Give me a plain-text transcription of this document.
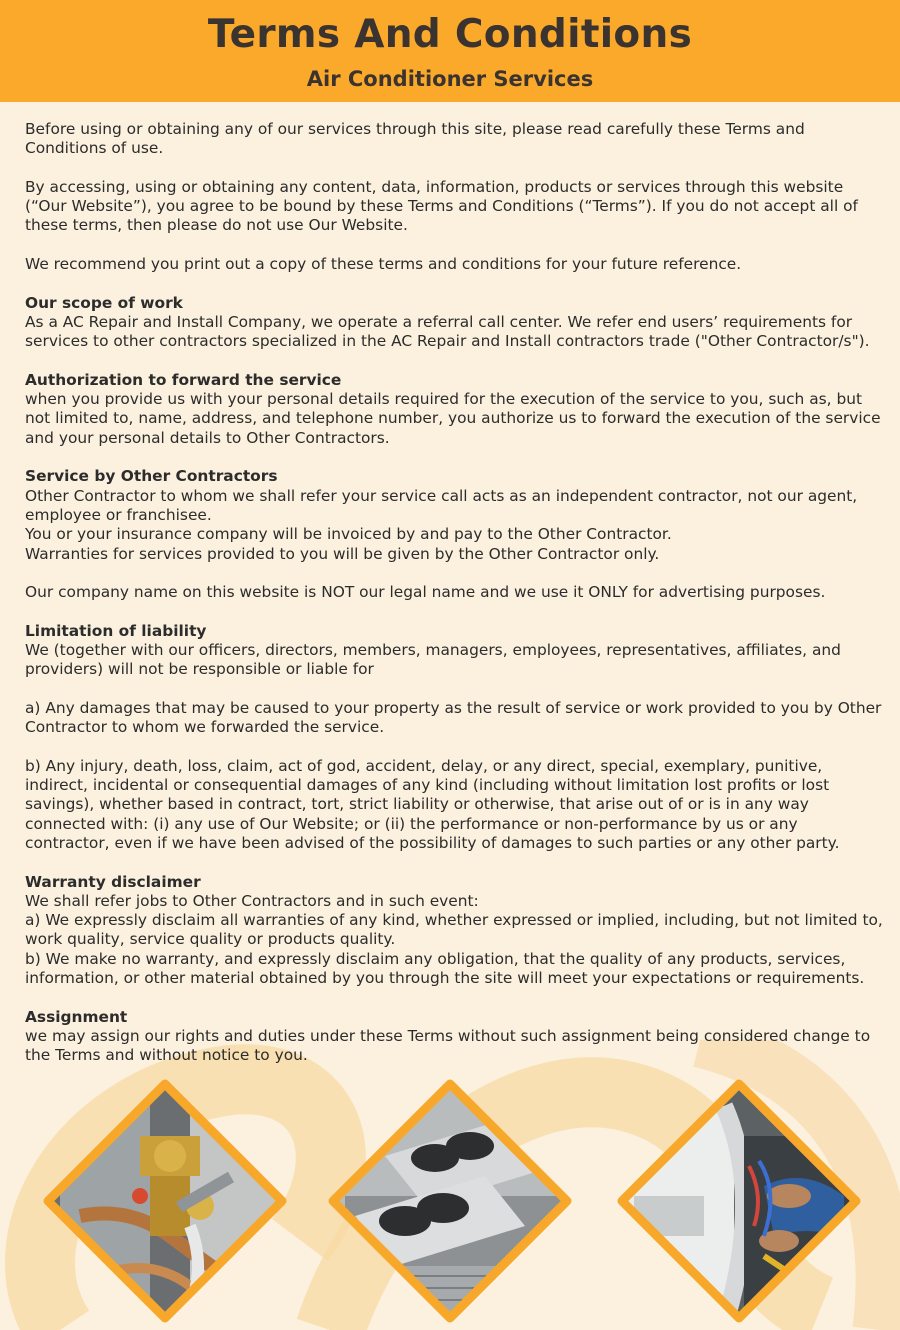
Terms And Conditions
Air Conditioner Services

Before using or obtaining any of our services through this site, please read carefully these Terms and Conditions of use.

By accessing, using or obtaining any content, data, information, products or services through this website (“Our Website”), you agree to be bound by these Terms and Conditions (“Terms”). If you do not accept all of these terms, then please do not use Our Website.

We recommend you print out a copy of these terms and conditions for your future reference.

Our scope of work
As a AC Repair and Install Company, we operate a referral call center. We refer end users’ requirements for services to other contractors specialized in the AC Repair and Install contractors trade ("Other Contractor/s").

Authorization to forward the service
when you provide us with your personal details required for the execution of the service to you, such as, but not limited to, name, address, and telephone number, you authorize us to forward the execution of the service and your personal details to Other Contractors.

Service by Other Contractors
Other Contractor to whom we shall refer your service call acts as an independent contractor, not our agent, employee or franchisee.
You or your insurance company will be invoiced by and pay to the Other Contractor.
Warranties for services provided to you will be given by the Other Contractor only.

Our company name on this website is NOT our legal name and we use it ONLY for advertising purposes.

Limitation of liability
We (together with our officers, directors, members, managers, employees, representatives, affiliates, and providers) will not be responsible or liable for

a) Any damages that may be caused to your property as the result of service or work provided to you by Other Contractor to whom we forwarded the service.

b) Any injury, death, loss, claim, act of god, accident, delay, or any direct, special, exemplary, punitive, indirect, incidental or consequential damages of any kind (including without limitation lost profits or lost savings), whether based in contract, tort, strict liability or otherwise, that arise out of or is in any way connected with: (i) any use of Our Website; or (ii) the performance or non-performance by us or any contractor, even if we have been advised of the possibility of damages to such parties or any other party.

Warranty disclaimer
We shall refer jobs to Other Contractors and in such event:
a) We expressly disclaim all warranties of any kind, whether expressed or implied, including, but not limited to, work quality, service quality or products quality.
b) We make no warranty, and expressly disclaim any obligation, that the quality of any products, services, information, or other material obtained by you through the site will meet your expectations or requirements.

Assignment
we may assign our rights and duties under these Terms without such assignment being considered change to the Terms and without notice to you.
